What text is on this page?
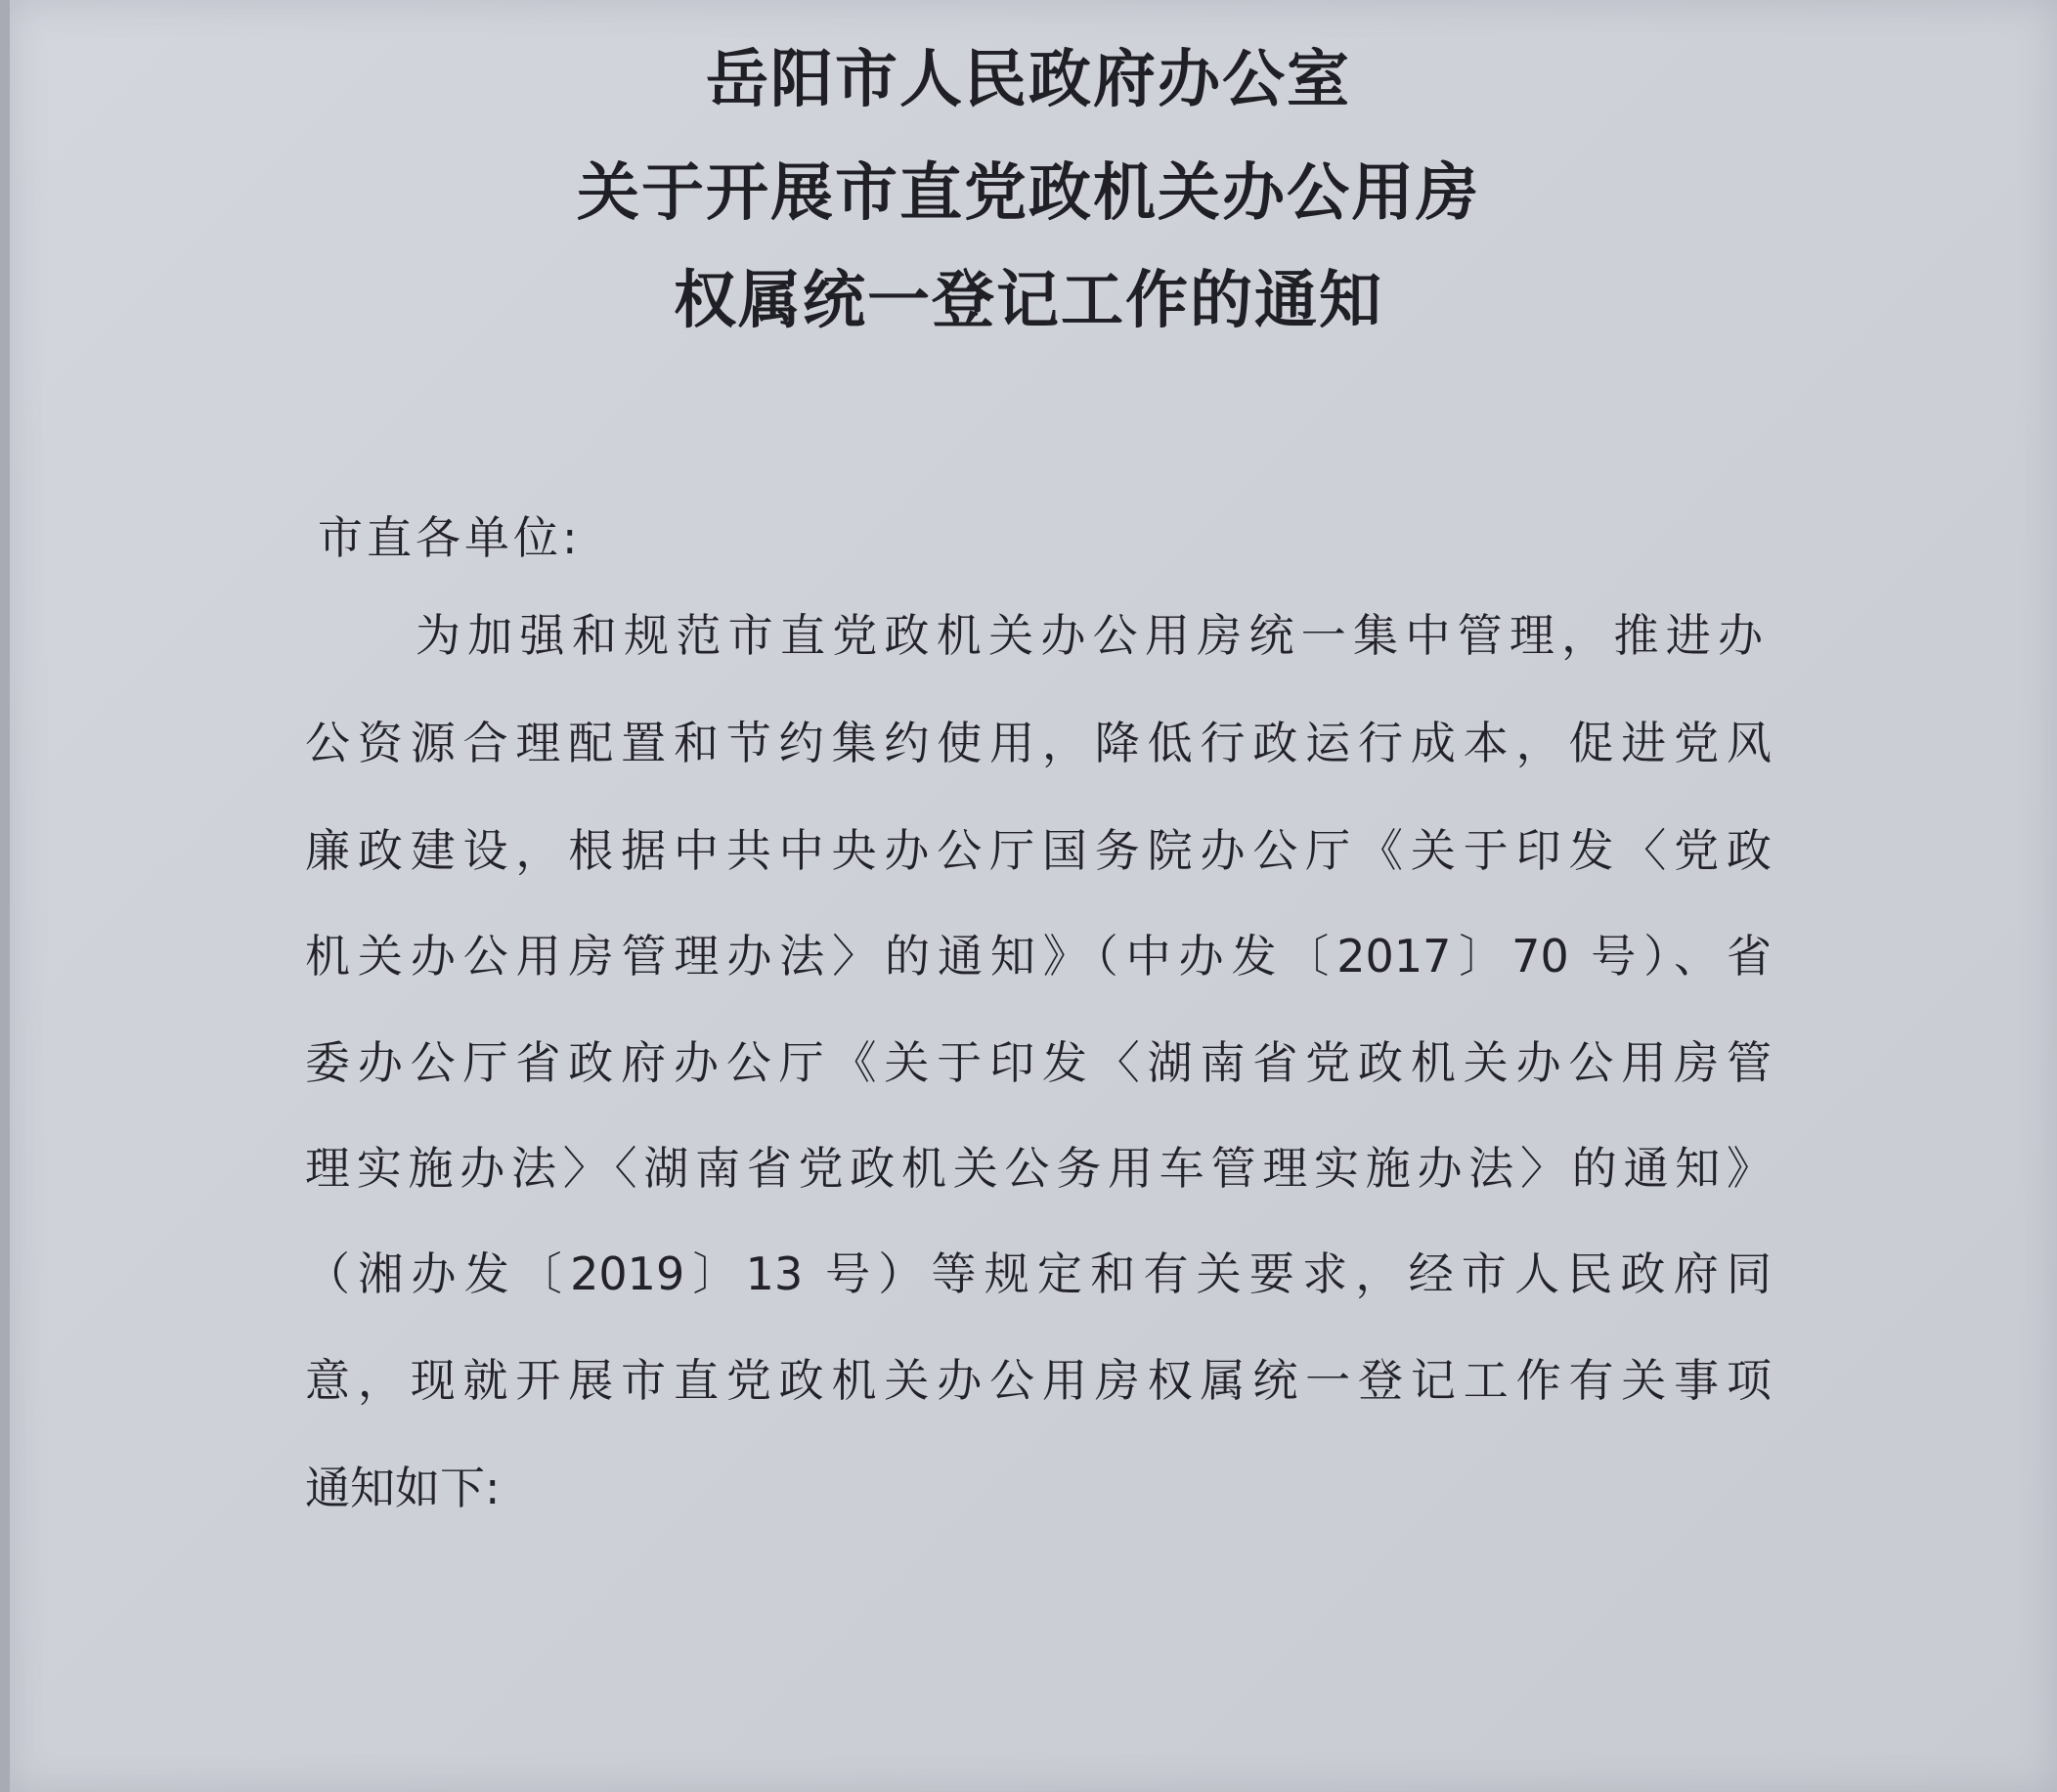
岳阳市人民政府办公室
关于开展市直党政机关办公用房
权属统一登记工作的通知
市直各单位:
为加强和规范市直党政机关办公用房统一集中管理，推进办
公资源合理配置和节约集约使用，降低行政运行成本，促进党风
廉政建设，根据中共中央办公厅国务院办公厅《关于印发〈党政
机关办公用房管理办法〉的通知》（中办发〔2017〕70 号）、省
委办公厅省政府办公厅《关于印发〈湖南省党政机关办公用房管
理实施办法〉〈湖南省党政机关公务用车管理实施办法〉的通知》
（湘办发〔2019〕13 号）等规定和有关要求，经市人民政府同
意，现就开展市直党政机关办公用房权属统一登记工作有关事项
通知如下:
